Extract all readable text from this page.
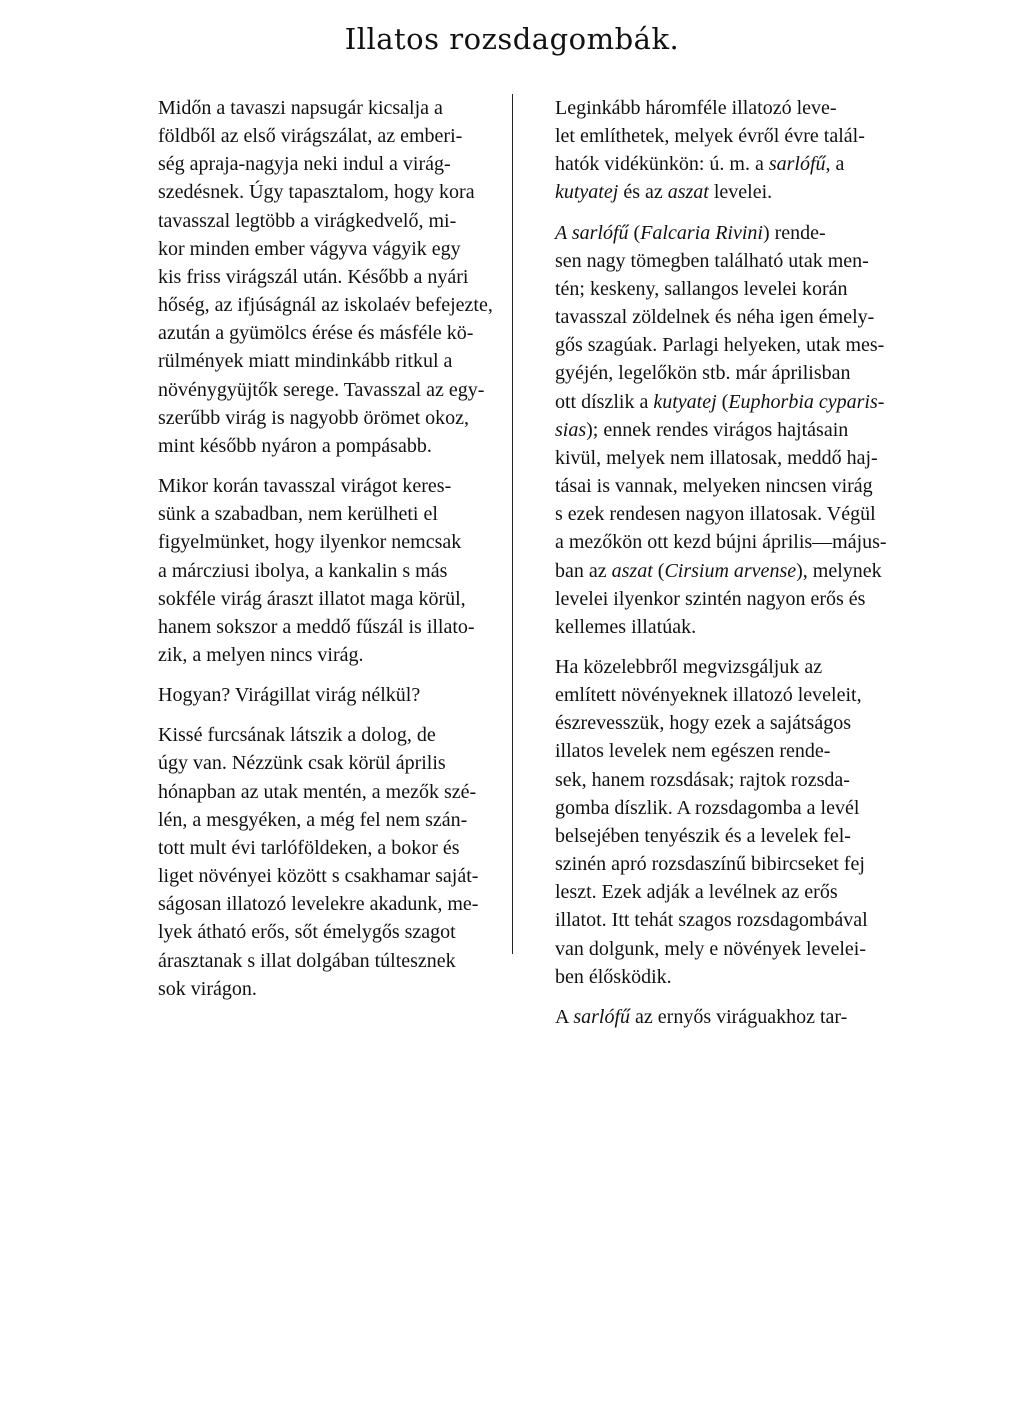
Illatos rozsdagombák.

Midőn a tavaszi napsugár kicsalja a
földből az első virágszálat, az emberi-
ség apraja-nagyja neki indul a virág-
szedésnek. Úgy tapasztalom, hogy kora
tavasszal legtöbb a virágkedvelő, mi-
kor minden ember vágyva vágyik egy
kis friss virágszál után. Később a nyári
hőség, az ifjúságnál az iskolaév befejezte,
azután a gyümölcs érése és másféle kö-
rülmények miatt mindinkább ritkul a
növénygyüjtők serege. Tavasszal az egy-
szerűbb virág is nagyobb örömet okoz,
mint később nyáron a pompásabb.

Mikor korán tavasszal virágot keres-
sünk a szabadban, nem kerülheti el
figyelmünket, hogy ilyenkor nemcsak
a márcziusi ibolya, a kankalin s más
sokféle virág áraszt illatot maga körül,
hanem sokszor a meddő fűszál is illato-
zik, a melyen nincs virág.

Hogyan? Virágillat virág nélkül?

Kissé furcsának látszik a dolog, de
úgy van. Nézzünk csak körül április
hónapban az utak mentén, a mezők szé-
lén, a mesgyéken, a még fel nem szán-
tott mult évi tarlóföldeken, a bokor és
liget növényei között s csakhamar saját-
ságosan illatozó levelekre akadunk, me-
lyek átható erős, sőt émelygős szagot
árasztanak s illat dolgában túltesznek
sok virágon.

Leginkább háromféle illatozó leve-
let említhetek, melyek évről évre talál-
hatók vidékünkön: ú. m. a sarlófű, a
kutyatej és az aszat levelei.

A sarlófű (Falcaria Rivini) rende-
sen nagy tömegben található utak men-
tén; keskeny, sallangos levelei korán
tavasszal zöldelnek és néha igen émely-
gős szagúak. Parlagi helyeken, utak mes-
gyéjén, legelőkön stb. már áprilisban
ott díszlik a kutyatej (Euphorbia cyparis-
sias); ennek rendes virágos hajtásain
kivül, melyek nem illatosak, meddő haj-
tásai is vannak, melyeken nincsen virág
s ezek rendesen nagyon illatosak. Végül
a mezőkön ott kezd bújni április—május-
ban az aszat (Cirsium arvense), melynek
levelei ilyenkor szintén nagyon erős és
kellemes illatúak.

Ha közelebbről megvizsgáljuk az
említett növényeknek illatozó leveleit,
észrevesszük, hogy ezek a sajátságos
illatos levelek nem egészen rende-
sek, hanem rozsdásak; rajtok rozsda-
gomba díszlik. A rozsdagomba a levél
belsejében tenyészik és a levelek fel-
szinén apró rozsdaszínű bibircseket fej
leszt. Ezek adják a levélnek az erős
illatot. Itt tehát szagos rozsdagombával
van dolgunk, mely e növények levelei-
ben élősködik.

A sarlófű az ernyős viráguakhoz tar-
